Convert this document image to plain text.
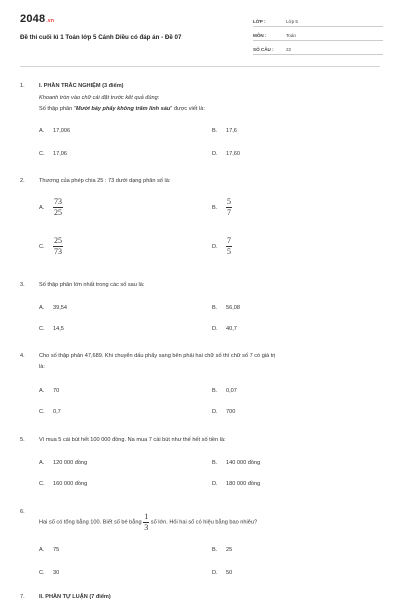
2048.vn
Đề thi cuối kì 1 Toán lớp 5 Cánh Diều có đáp án - Đề 07
LỚP :	Lớp 5
MÔN :	Toán
SỐ CÂU :	22
1.	I. PHẦN TRẮC NGHIỆM (3 điểm)
Khoanh tròn vào chữ cái đặt trước kết quả đúng:
Số thập phân "Mười bảy phẩy không trăm linh sáu" được viết là:
A. 17,006	B. 17,6
C. 17,06	D. 17,60
2.	Thương của phép chia 25 : 73 dưới dạng phân số là:
A. $\frac{73}{25}$	B. $\frac{5}{7}$
C. $\frac{25}{73}$	D. $\frac{7}{5}$
3.	Số thập phân lớn nhất trong các số sau là:
A. 39,54	B. 56,08
C. 14,5	D. 40,7
4.	Cho số thập phân 47,689. Khi chuyển dấu phẩy sang bên phải hai chữ số thì chữ số 7 có giá trị
là:
A. 70	B. 0,07
C. 0,7	D. 700
5.	Vì mua 5 cái bút hết 100 000 đồng. Na mua 7 cái bút như thế hết số tiền là:
A. 120 000 đồng	B. 140 000 đồng
C. 160 000 đồng	D. 180 000 đồng
6.
Hai số có tổng bằng 100. Biết số bé bằng $\frac{1}{3}$ số lớn. Hỏi hai số có hiệu bằng bao nhiêu?
A. 75	B. 25
C. 30	D. 50
7.	II. PHẦN TỰ LUẬN (7 điểm)
